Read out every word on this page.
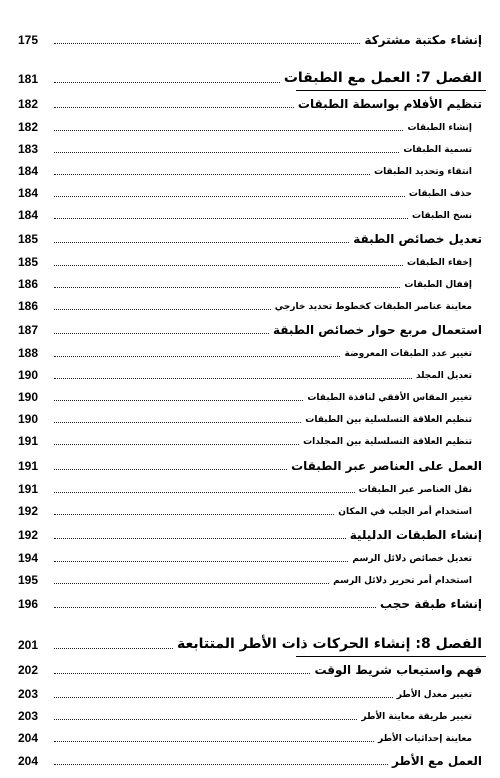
175	إنشاء مكتبة مشتركة
181	الفصل 7: العمل مع الطبقات
182	تنظيم الأفلام بواسطة الطبقات
182	إنشاء الطبقات
183	تسمية الطبقات
184	انتقاء وتحديد الطبقات
184	حذف الطبقات
184	نسخ الطبقات
185	تعديل خصائص الطبقة
185	إخفاء الطبقات
186	إقفال الطبقات
186	معاينة عناصر الطبقات كخطوط تحديد خارجي
187	استعمال مربع حوار خصائص الطبقة
188	تغيير عدد الطبقات المعروضة
190	تعديل المجلد
190	تغيير المقاس الأفقي لنافذة الطبقات
190	تنظيم العلاقة التسلسلية بين الطبقات
191	تنظيم العلاقة التسلسلية بين المجلدات
191	العمل على العناصر عبر الطبقات
191	نقل العناصر عبر الطبقات
192	استخدام أمر الجلب في المكان
192	إنشاء الطبقات الدليلية
194	تعديل خصائص دلائل الرسم
195	استخدام أمر تحرير دلائل الرسم
196	إنشاء طبقة حجب
201	الفصل 8: إنشاء الحركات ذات الأطر المتتابعة
202	فهم واستيعاب شريط الوقت
203	تغيير معدل الأطر
203	تغيير طريقة معاينة الأطر
204	معاينة إحداثيات الأطر
204	العمل مع الأطر
